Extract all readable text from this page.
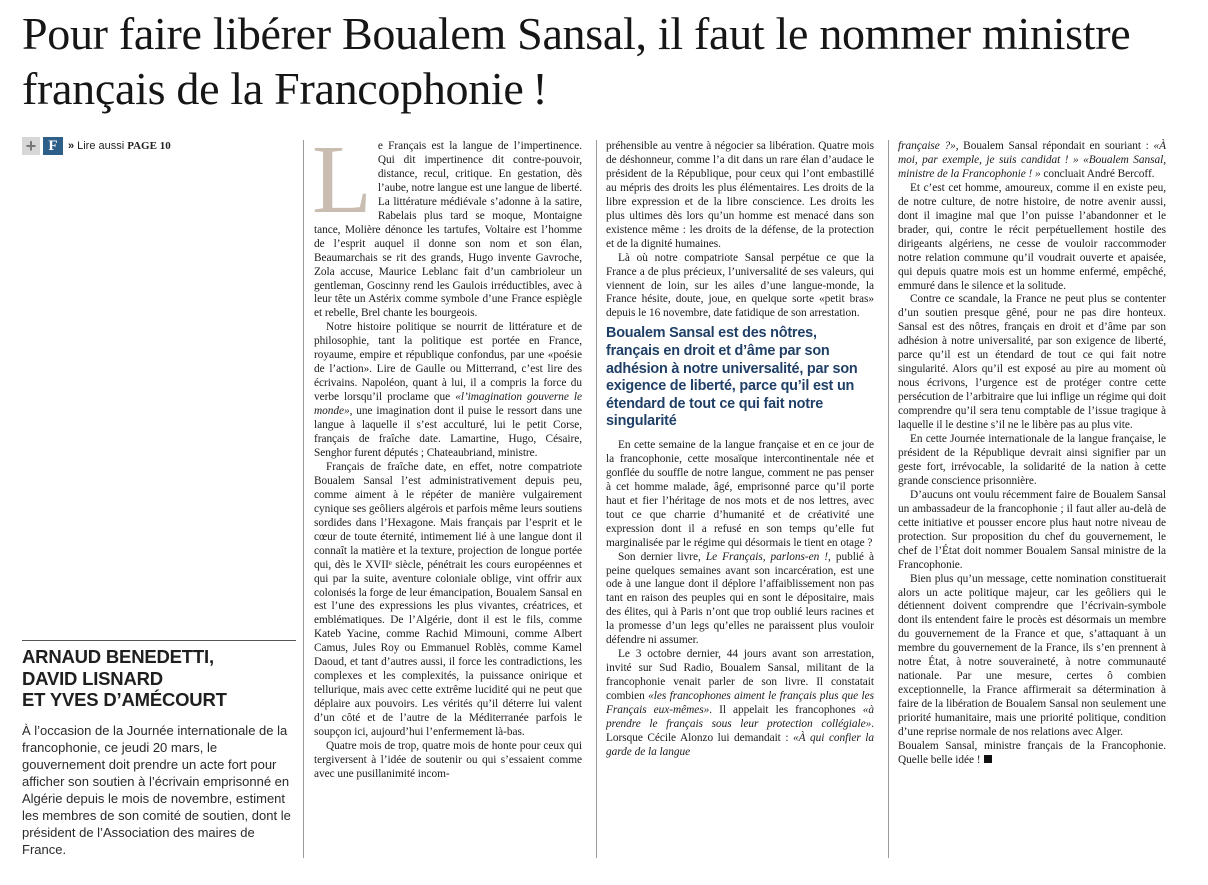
Pour faire libérer Boualem Sansal, il faut le nommer ministre français de la Francophonie !
+ F » Lire aussi PAGE 10
ARNAUD BENEDETTI,
DAVID LISNARD
ET YVES D’AMÉCOURT

À l’occasion de la Journée internationale de la francophonie, ce jeudi 20 mars, le gouvernement doit prendre un acte fort pour afficher son soutien à l’écrivain emprisonné en Algérie depuis le mois de novembre, estiment les membres de son comité de soutien, dont le président de l’Association des maires de France.

Le Français est la langue de l’impertinence. Qui dit impertinence dit contre-pouvoir, distance, recul, critique. En gestation, dès l’aube, notre langue est une langue de liberté. La littérature médiévale s’adonne à la satire, Rabelais plus tard se moque, Montaigne tance, Molière dénonce les tartufes, Voltaire est l’homme de l’esprit auquel il donne son nom et son élan, Beaumarchais se rit des grands, Hugo invente Gavroche, Zola accuse, Maurice Leblanc fait d’un cambrioleur un gentleman, Goscinny rend les Gaulois irréductibles, avec à leur tête un Astérix comme symbole d’une France espiègle et rebelle, Brel chante les bourgeois.

Notre histoire politique se nourrit de littérature et de philosophie, tant la politique est portée en France, royaume, empire et république confondus, par une «poésie de l’action». Lire de Gaulle ou Mitterrand, c’est lire des écrivains. Napoléon, quant à lui, il a compris la force du verbe lorsqu’il proclame que «l’imagination gouverne le monde», une imagination dont il puise le ressort dans une langue à laquelle il s’est acculturé, lui le petit Corse, français de fraîche date. Lamartine, Hugo, Césaire, Senghor furent députés ; Chateaubriand, ministre.

Français de fraîche date, en effet, notre compatriote Boualem Sansal l’est administrativement depuis peu, comme aiment à le répéter de manière vulgairement cynique ses geôliers algérois et parfois même leurs soutiens sordides dans l’Hexagone. Mais français par l’esprit et le cœur de toute éternité, intimement lié à une langue dont il connaît la matière et la texture, projection de longue portée qui, dès le XVIIᵉ siècle, pénétrait les cours européennes et qui par la suite, aventure coloniale oblige, vint offrir aux colonisés la forge de leur émancipation, Boualem Sansal en est l’une des expressions les plus vivantes, créatrices, et emblématiques. De l’Algérie, dont il est le fils, comme Kateb Yacine, comme Rachid Mimouni, comme Albert Camus, Jules Roy ou Emmanuel Roblès, comme Kamel Daoud, et tant d’autres aussi, il force les contradictions, les complexes et les complexités, la puissance onirique et tellurique, mais avec cette extrême lucidité qui ne peut que déplaire aux pouvoirs. Les vérités qu’il déterre lui valent d’un côté et de l’autre de la Méditerranée parfois le soupçon ici, aujourd’hui l’enfermement là-bas.

Quatre mois de trop, quatre mois de honte pour ceux qui tergiversent à l’idée de soutenir ou qui s’essaient comme avec une pusillanimité incom-

préhensible au ventre à négocier sa libération. Quatre mois de déshonneur, comme l’a dit dans un rare élan d’audace le président de la République, pour ceux qui l’ont embastillé au mépris des droits les plus élémentaires. Les droits de la libre expression et de la libre conscience. Les droits les plus ultimes dès lors qu’un homme est menacé dans son existence même : les droits de la défense, de la protection et de la dignité humaines.

Là où notre compatriote Sansal perpétue ce que la France a de plus précieux, l’universalité de ses valeurs, qui viennent de loin, sur les ailes d’une langue-monde, la France hésite, doute, joue, en quelque sorte «petit bras» depuis le 16 novembre, date fatidique de son arrestation.

Boualem Sansal est des nôtres, français en droit et d’âme par son adhésion à notre universalité, par son exigence de liberté, parce qu’il est un étendard de tout ce qui fait notre singularité

En cette semaine de la langue française et en ce jour de la francophonie, cette mosaïque intercontinentale née et gonflée du souffle de notre langue, comment ne pas penser à cet homme malade, âgé, emprisonné parce qu’il porte haut et fier l’héritage de nos mots et de nos lettres, avec tout ce que charrie d’humanité et de créativité une expression dont il a refusé en son temps qu’elle fut marginalisée par le régime qui désormais le tient en otage ?

Son dernier livre, Le Français, parlons-en !, publié à peine quelques semaines avant son incarcération, est une ode à une langue dont il déplore l’affaiblissement non pas tant en raison des peuples qui en sont le dépositaire, mais des élites, qui à Paris n’ont que trop oublié leurs racines et la promesse d’un legs qu’elles ne paraissent plus vouloir défendre ni assumer.

Le 3 octobre dernier, 44 jours avant son arrestation, invité sur Sud Radio, Boualem Sansal, militant de la francophonie venait parler de son livre. Il constatait combien «les francophones aiment le français plus que les Français eux-mêmes». Il appelait les francophones «à prendre le français sous leur protection collégiale». Lorsque Cécile Alonzo lui demandait : «À qui confier la garde de la langue

française ?», Boualem Sansal répondait en souriant : «À moi, par exemple, je suis candidat ! » «Boualem Sansal, ministre de la Francophonie ! » concluait André Bercoff.

Et c’est cet homme, amoureux, comme il en existe peu, de notre culture, de notre histoire, de notre avenir aussi, dont il imagine mal que l’on puisse l’abandonner et le brader, qui, contre le récit perpétuellement hostile des dirigeants algériens, ne cesse de vouloir raccommoder notre relation commune qu’il voudrait ouverte et apaisée, qui depuis quatre mois est un homme enfermé, empêché, emmuré dans le silence et la solitude.

Contre ce scandale, la France ne peut plus se contenter d’un soutien presque gêné, pour ne pas dire honteux. Sansal est des nôtres, français en droit et d’âme par son adhésion à notre universalité, par son exigence de liberté, parce qu’il est un étendard de tout ce qui fait notre singularité. Alors qu’il est exposé au pire au moment où nous écrivons, l’urgence est de protéger contre cette persécution de l’arbitraire que lui inflige un régime qui doit comprendre qu’il sera tenu comptable de l’issue tragique à laquelle il le destine s’il ne le libère pas au plus vite.

En cette Journée internationale de la langue française, le président de la République devrait ainsi signifier par un geste fort, irrévocable, la solidarité de la nation à cette grande conscience prisonnière.

D’aucuns ont voulu récemment faire de Boualem Sansal un ambassadeur de la francophonie ; il faut aller au-delà de cette initiative et pousser encore plus haut notre niveau de protection. Sur proposition du chef du gouvernement, le chef de l’État doit nommer Boualem Sansal ministre de la Francophonie.

Bien plus qu’un message, cette nomination constituerait alors un acte politique majeur, car les geôliers qui le détiennent doivent comprendre que l’écrivain-symbole dont ils entendent faire le procès est désormais un membre du gouvernement de la France et que, s’attaquant à un membre du gouvernement de la France, ils s’en prennent à notre État, à notre souveraineté, à notre communauté nationale. Par une mesure, certes ô combien exceptionnelle, la France affirmerait sa détermination à faire de la libération de Boualem Sansal non seulement une priorité humanitaire, mais une priorité politique, condition d’une reprise normale de nos relations avec Alger.

Boualem Sansal, ministre français de la Francophonie. Quelle belle idée !
